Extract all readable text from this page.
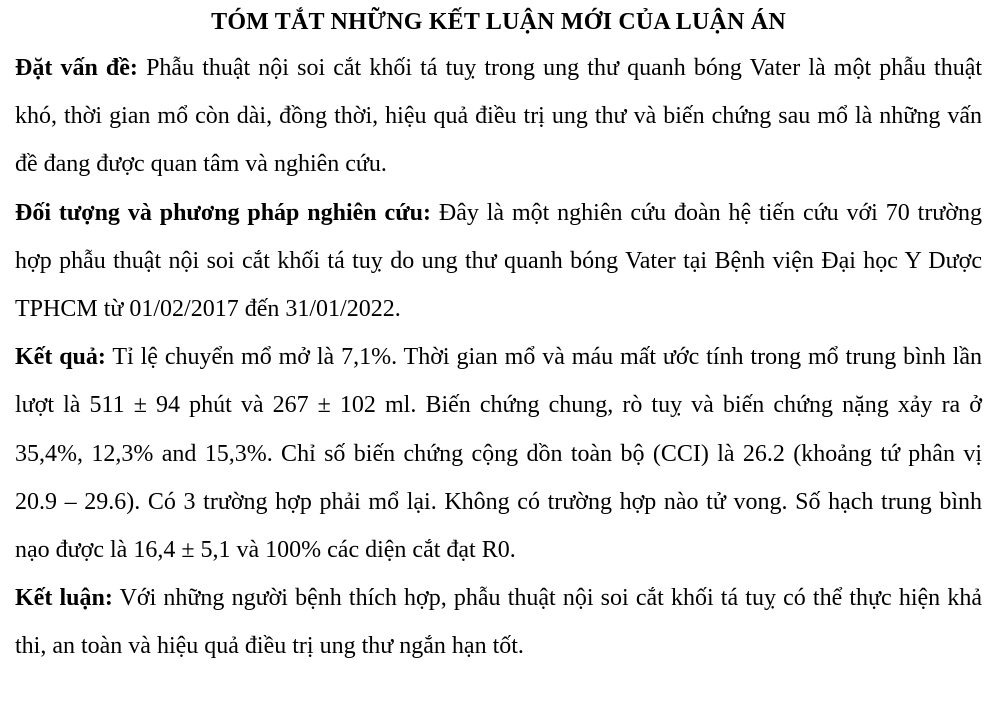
TÓM TẮT NHỮNG KẾT LUẬN MỚI CỦA LUẬN ÁN

Đặt vấn đề: Phẫu thuật nội soi cắt khối tá tuỵ trong ung thư quanh bóng Vater là một phẫu thuật khó, thời gian mổ còn dài, đồng thời, hiệu quả điều trị ung thư và biến chứng sau mổ là những vấn đề đang được quan tâm và nghiên cứu.

Đối tượng và phương pháp nghiên cứu: Đây là một nghiên cứu đoàn hệ tiến cứu với 70 trường hợp phẫu thuật nội soi cắt khối tá tuỵ do ung thư quanh bóng Vater tại Bệnh viện Đại học Y Dược TPHCM từ 01/02/2017 đến 31/01/2022.

Kết quả: Tỉ lệ chuyển mổ mở là 7,1%. Thời gian mổ và máu mất ước tính trong mổ trung bình lần lượt là 511 ± 94 phút và 267 ± 102 ml. Biến chứng chung, rò tuỵ và biến chứng nặng xảy ra ở 35,4%, 12,3% and 15,3%. Chỉ số biến chứng cộng dồn toàn bộ (CCI) là 26.2 (khoảng tứ phân vị 20.9 – 29.6). Có 3 trường hợp phải mổ lại. Không có trường hợp nào tử vong. Số hạch trung bình nạo được là 16,4 ± 5,1 và 100% các diện cắt đạt R0.

Kết luận: Với những người bệnh thích hợp, phẫu thuật nội soi cắt khối tá tuỵ có thể thực hiện khả thi, an toàn và hiệu quả điều trị ung thư ngắn hạn tốt.
